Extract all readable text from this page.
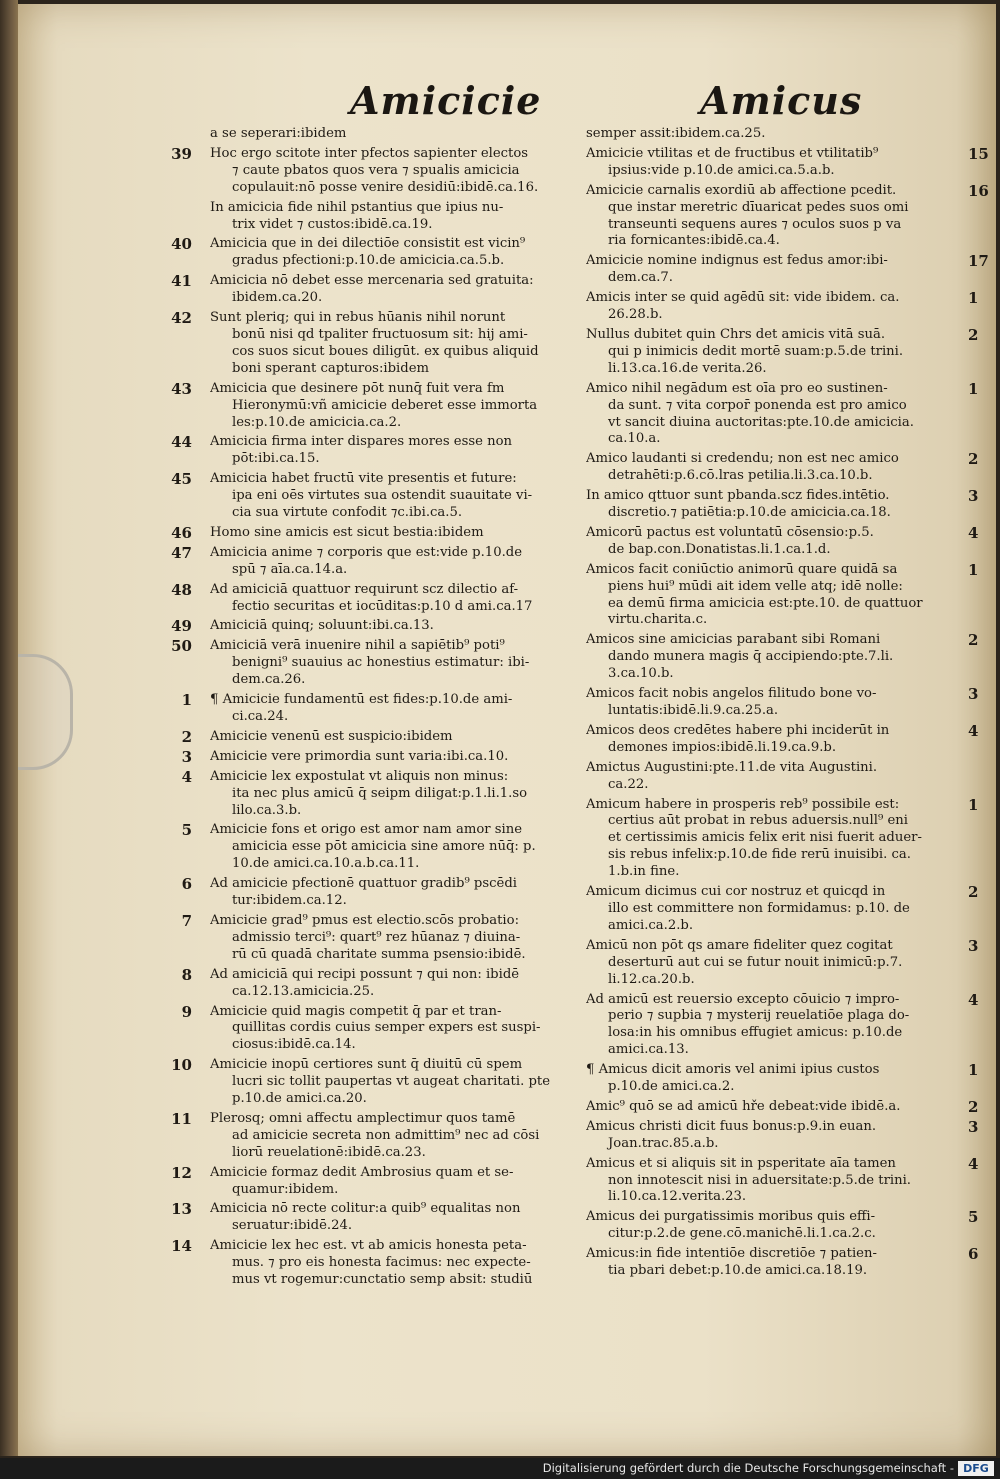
Amicicie	Amicus
a se seperari:ibidem
39 Hoc ergo scitote inter pfectos sapienter electos
⁊ caute pbatos quos vera ⁊ spualis amicicia
copulauit:nō posse venire desidiū:ibidē.ca.16.
In amicicia fide nihil pstantius que ipius nu-
trix videt ⁊ custos:ibidē.ca.19.
40 Amicicia que in dei dilectiōe consistit est vicin⁹
gradus pfectioni:p.10.de amicicia.ca.5.b.
41 Amicicia nō debet esse mercenaria sed gratuita:
ibidem.ca.20.
42 Sunt pleriq; qui in rebus hūanis nihil norunt
bonū nisi qd tpaliter fructuosum sit: hij ami-
cos suos sicut boues diligūt. ex quibus aliquid
boni sperant capturos:ibidem
43 Amicicia que desinere pōt nunq̄ fuit vera fm
Hieronymū:vñ amicicie deberet esse immorta
les:p.10.de amicicia.ca.2.
44 Amicicia firma inter dispares mores esse non
pōt:ibi.ca.15.
45 Amicicia habet fructū vite presentis et future:
ipa eni oēs virtutes sua ostendit suauitate vi-
cia sua virtute confodit ⁊c.ibi.ca.5.
46 Homo sine amicis est sicut bestia:ibidem
47 Amicicia anime ⁊ corporis que est:vide p.10.de
spū ⁊ aīa.ca.14.a.
48 Ad amiciciā quattuor requirunt̄ scz dilectio af-
fectio securitas et iocūditas:p.10 d ami.ca.17
49 Amiciciā quinq; soluunt:ibi.ca.13.
50 Amiciciā verā inuenire nihil a sapiētib⁹ poti⁹
benigni⁹ suauius ac honestius estimatur: ibi-
dem.ca.26.
1 ¶ Amicicie fundamentū est fides:p.10.de ami-
ci.ca.24.
2 Amicicie venenū est suspicio:ibidem
3 Amicicie vere primordia sunt varia:ibi.ca.10.
4 Amicicie lex expostulat vt aliquis non minus:
ita nec plus amicū q̄ seipm diligat:p.1.li.1.so
lilo.ca.3.b.
5 Amicicie fons et origo est amor nam amor sine
amicicia esse pōt amicicia sine amore nūq̄: p.
10.de amici.ca.10.a.b.ca.11.
6 Ad amicicie pfectionē quattuor gradib⁹ pscēdi
tur:ibidem.ca.12.
7 Amicicie grad⁹ pmus est electio.scōs probatio:
admissio terci⁹: quart⁹ rez hūanaz ⁊ diuina-
rū cū quadā charitate summa psensio:ibidē.
8 Ad amiciciā qui recipi possunt ⁊ qui non: ibidē
ca.12.13.amicicia.25.
9 Amicicie quid magis competit q̄ par et tran-
quillitas cordis cuius semper expers est suspi-
ciosus:ibidē.ca.14.
10 Amicicie inopū certiores sunt q̄ diuitū cū spem
lucri sic tollit paupertas vt augeat charitati. pte
p.10.de amici.ca.20.
11 Plerosq; omni affectu amplectimur quos tamē
ad amicicie secreta non admittim⁹ nec ad cōsi
liorū reuelationē:ibidē.ca.23.
12 Amicicie formaz dedit Ambrosius quam et se-
quamur:ibidem.
13 Amicicia nō recte colitur:a quib⁹ equalitas non
seruatur:ibidē.24.
14 Amicicie lex hec est. vt ab amicis honesta peta-
mus. ⁊ pro eis honesta facimus: nec expecte-
mus vt rogemur:cunctatio semp absit: studiū
semper assit:ibidem.ca.25.
15
Amicicie vtilitas et de fructibus et vtilitatib⁹
ipsius:vide p.10.de amici.ca.5.a.b.
16
Amicicie carnalis exordiū ab affectione pcedit.
que instar meretric dīuaricat pedes suos omi
transeunti sequens aures ⁊ oculos suos p va
ria fornicantes:ibidē.ca.4.
17
Amicicie nomine indignus est fedus amor:ibi-
dem.ca.7.
1
Amicis inter se quid agēdū sit: vide ibidem. ca.
26.28.b.
2
Nullus dubitet quin Chrs det amicis vitā suā.
qui p inimicis dedit mortē suam:p.5.de trini.
li.13.ca.16.de verita.26.
1
Amico nihil negādum est oīa pro eo sustinen-
da sunt. ⁊ vita corpor̄ ponenda est pro amico
vt sancit diuina auctoritas:pte.10.de amicicia.
ca.10.a.
2
Amico laudanti si credendu; non est nec amico
detrahēti:p.6.cō.lras petilia.li.3.ca.10.b.
3
In amico qttuor sunt pbanda.scz fides.intētio.
discretio.⁊ patiētia:p.10.de amicicia.ca.18.
4
Amicorū pactus est voluntatū cōsensio:p.5.
de bap.con.Donatistas.li.1.ca.1.d.
1
Amicos facit coniūctio animorū quare quidā sa
piens hui⁹ mūdi ait idem velle atq; idē nolle:
ea demū firma amicicia est:pte.10. de quattuor
virtu.charita.c.
2
Amicos sine amicicias parabant sibi Romani
dando munera magis q̄ accipiendo:pte.7.li.
3.ca.10.b.
3
Amicos facit nobis angelos filitudo bone vo-
luntatis:ibidē.li.9.ca.25.a.
4
Amicos deos credētes habere phi inciderūt in
demones impios:ibidē.li.19.ca.9.b.
Amictus Augustini:pte.11.de vita Augustini.
ca.22.
1
Amicum habere in prosperis reb⁹ possibile est:
certius aūt probat̄ in rebus aduersis.null⁹ eni
et certissimis amicis felix erit nisi fuerit aduer-
sis rebus infelix:p.10.de fide rerū inuisibi. ca.
1.b.in fine.
2
Amicum dicimus cui cor nostruz et quicqd in
illo est committere non formidamus: p.10. de
amici.ca.2.b.
3
Amicū non pōt qs amare fideliter quez cogitat
deserturū aut cui se futur nouit inimicū:p.7.
li.12.ca.20.b.
4
Ad amicū est reuersio excepto cōuicio ⁊ impro-
perio ⁊ supbia ⁊ mysterij reuelatiōe plaga do-
losa:in his omnibus effugiet amicus: p.10.de
amici.ca.13.
1
¶ Amicus dicit̄ amoris vel animi ipius custos
p.10.de amici.ca.2.
2
Amic⁹ quō se ad amicū hře debeat:vide ibidē.a.
3
Amicus christi dicit̄ fuus bonus:p.9.in euan.
Joan.trac.85.a.b.
4
Amicus et si aliquis sit in psperitate aīa tamen
non innotescit nisi in aduersitate:p.5.de trini.
li.10.ca.12.verita.23.
5
Amicus dei purgatissimis moribus quis effi-
citur:p.2.de gene.cō.manichē.li.1.ca.2.c.
6
Amicus:in fide intentiōe discretiōe ⁊ patien-
tia pbari debet:p.10.de amici.ca.18.19.
Digitalisierung gefördert durch die Deutsche Forschungsgemeinschaft - DFG
